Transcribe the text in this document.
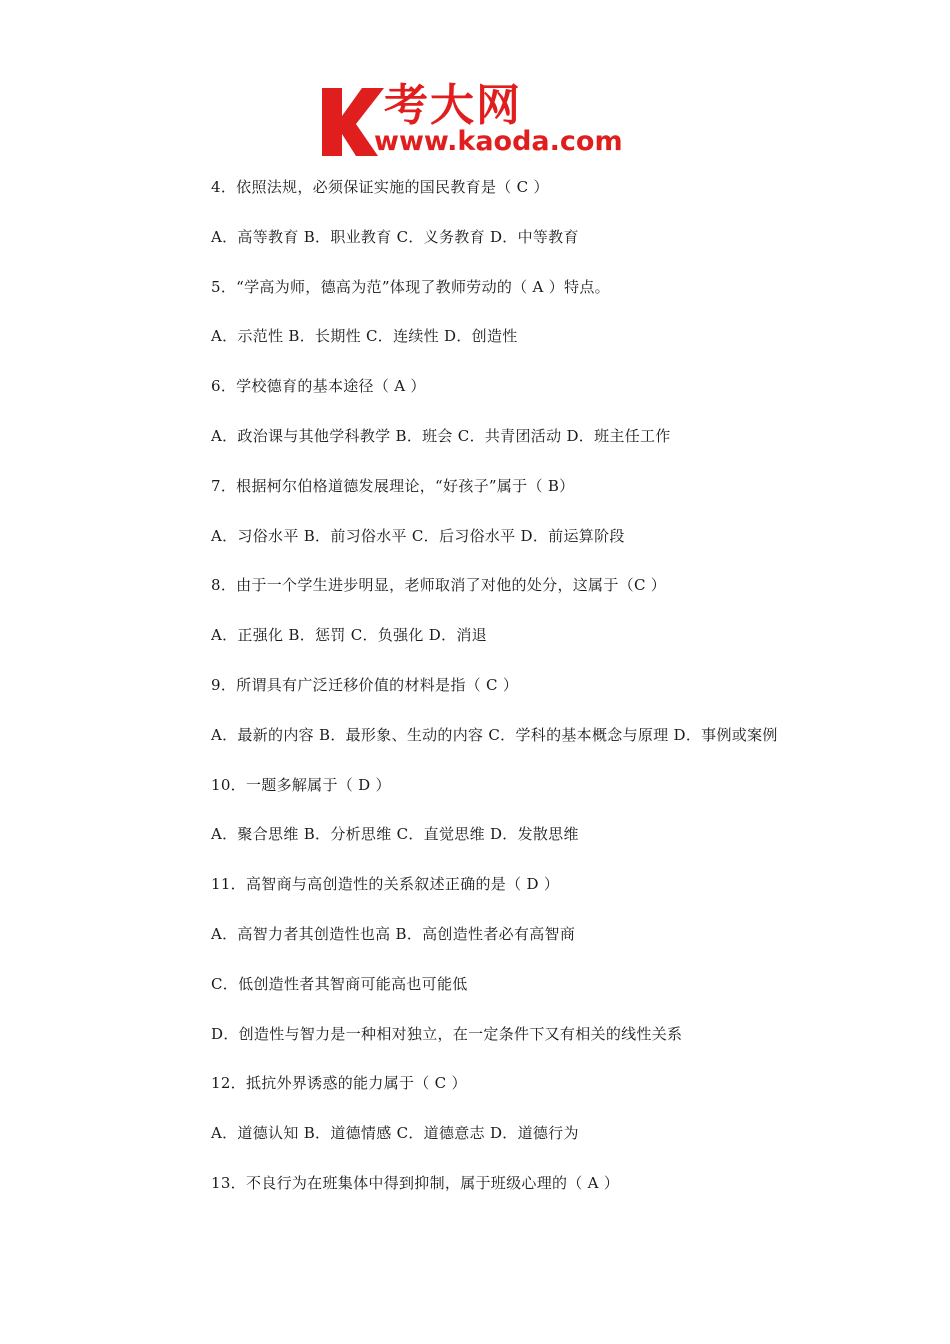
考大网
www.kaoda.com
4．依照法规，必须保证实施的国民教育是（ C ）
A．高等教育 B．职业教育 C．义务教育 D．中等教育
5．“学高为师，德高为范”体现了教师劳动的（ A ）特点。
A．示范性 B．长期性 C．连续性 D．创造性
6．学校德育的基本途径（ A ）
A．政治课与其他学科教学 B．班会 C．共青团活动 D．班主任工作
7．根据柯尔伯格道德发展理论，“好孩子”属于（ B）
A．习俗水平 B．前习俗水平 C．后习俗水平 D．前运算阶段
8．由于一个学生进步明显，老师取消了对他的处分，这属于（C ）
A．正强化 B．惩罚 C．负强化 D．消退
9．所谓具有广泛迁移价值的材料是指（ C ）
A．最新的内容 B．最形象、生动的内容 C．学科的基本概念与原理 D．事例或案例
10．一题多解属于（ D ）
A．聚合思维 B．分析思维 C．直觉思维 D．发散思维
11．高智商与高创造性的关系叙述正确的是（ D ）
A．高智力者其创造性也高 B．高创造性者必有高智商
C．低创造性者其智商可能高也可能低
D．创造性与智力是一种相对独立，在一定条件下又有相关的线性关系
12．抵抗外界诱惑的能力属于（ C ）
A．道德认知 B．道德情感 C．道德意志 D．道德行为
13．不良行为在班集体中得到抑制，属于班级心理的（ A ）
